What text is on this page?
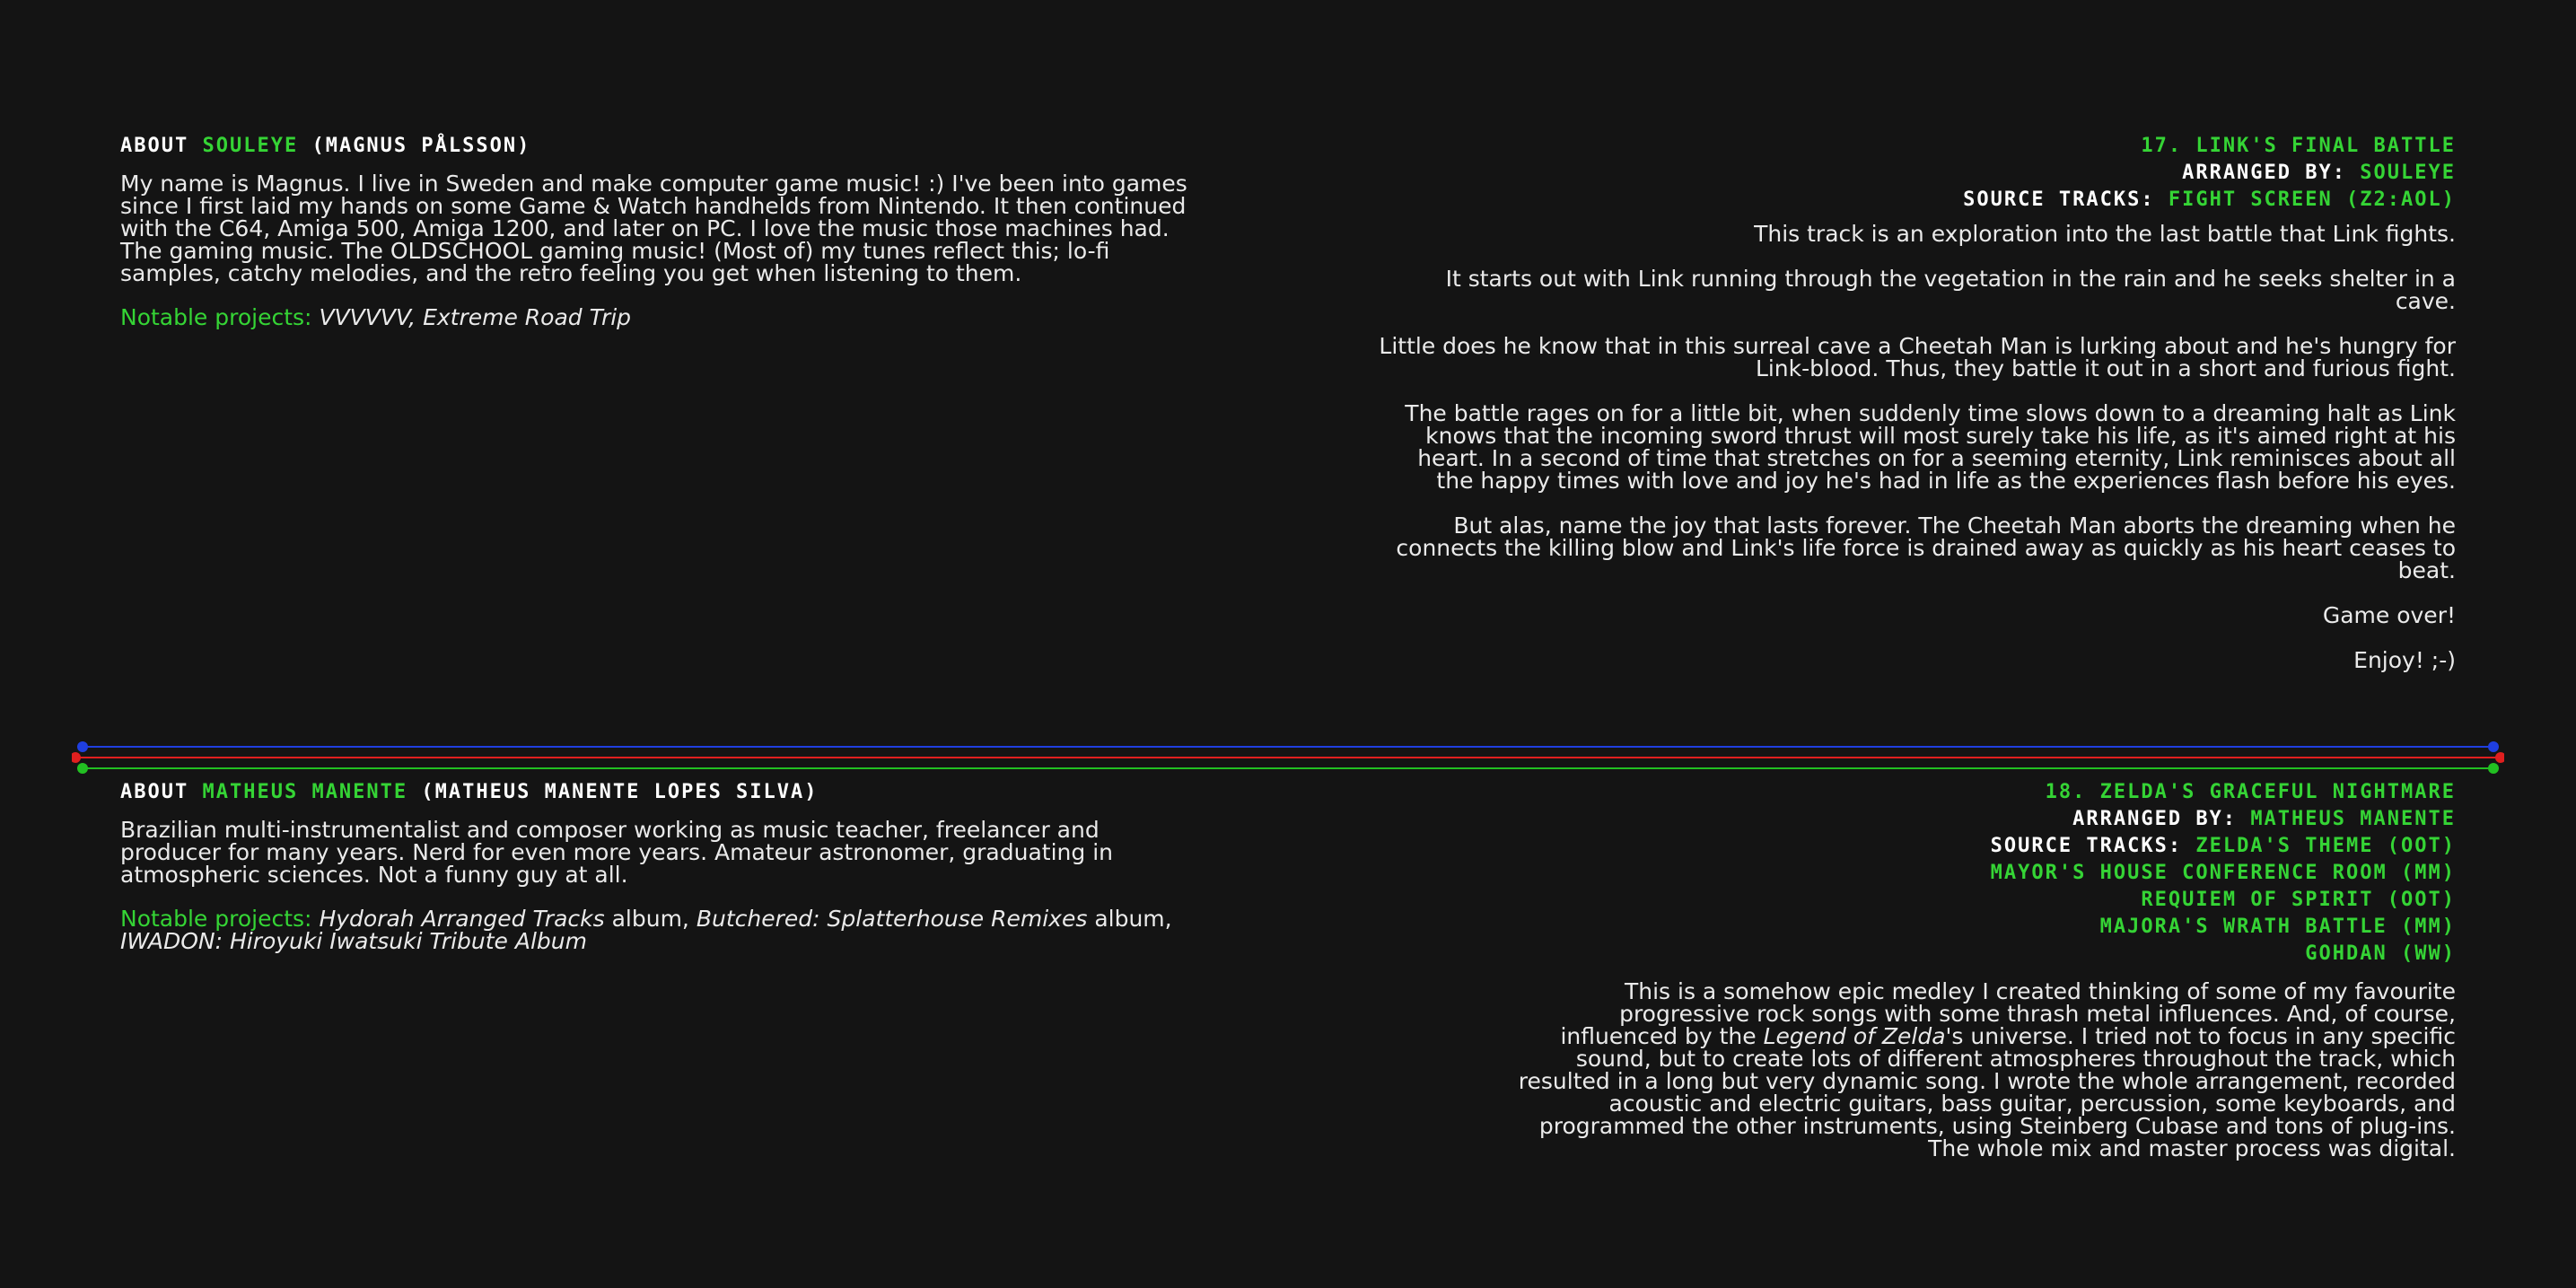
ABOUT SOULEYE (MAGNUS PÅLSSON)

My name is Magnus. I live in Sweden and make computer game music! :) I've been into games since I first laid my hands on some Game & Watch handhelds from Nintendo. It then continued with the C64, Amiga 500, Amiga 1200, and later on PC. I love the music those machines had. The gaming music. The OLDSCHOOL gaming music! (Most of) my tunes reflect this; lo-fi samples, catchy melodies, and the retro feeling you get when listening to them.

Notable projects: VVVVVV, Extreme Road Trip

17. LINK'S FINAL BATTLE
ARRANGED BY: SOULEYE
SOURCE TRACKS: FIGHT SCREEN (Z2:AOL)

This track is an exploration into the last battle that Link fights.

It starts out with Link running through the vegetation in the rain and he seeks shelter in a cave.

Little does he know that in this surreal cave a Cheetah Man is lurking about and he's hungry for Link-blood. Thus, they battle it out in a short and furious fight.

The battle rages on for a little bit, when suddenly time slows down to a dreaming halt as Link knows that the incoming sword thrust will most surely take his life, as it's aimed right at his heart. In a second of time that stretches on for a seeming eternity, Link reminisces about all the happy times with love and joy he's had in life as the experiences flash before his eyes.

But alas, name the joy that lasts forever. The Cheetah Man aborts the dreaming when he connects the killing blow and Link's life force is drained away as quickly as his heart ceases to beat.

Game over!

Enjoy! ;-)

ABOUT MATHEUS MANENTE (MATHEUS MANENTE LOPES SILVA)

Brazilian multi-instrumentalist and composer working as music teacher, freelancer and producer for many years. Nerd for even more years. Amateur astronomer, graduating in atmospheric sciences. Not a funny guy at all.

Notable projects: Hydorah Arranged Tracks album, Butchered: Splatterhouse Remixes album, IWADON: Hiroyuki Iwatsuki Tribute Album

18. ZELDA'S GRACEFUL NIGHTMARE
ARRANGED BY: MATHEUS MANENTE
SOURCE TRACKS: ZELDA'S THEME (OOT)
MAYOR'S HOUSE CONFERENCE ROOM (MM)
REQUIEM OF SPIRIT (OOT)
MAJORA'S WRATH BATTLE (MM)
GOHDAN (WW)

This is a somehow epic medley I created thinking of some of my favourite progressive rock songs with some thrash metal influences. And, of course, influenced by the Legend of Zelda's universe. I tried not to focus in any specific sound, but to create lots of different atmospheres throughout the track, which resulted in a long but very dynamic song. I wrote the whole arrangement, recorded acoustic and electric guitars, bass guitar, percussion, some keyboards, and programmed the other instruments, using Steinberg Cubase and tons of plug-ins. The whole mix and master process was digital.
